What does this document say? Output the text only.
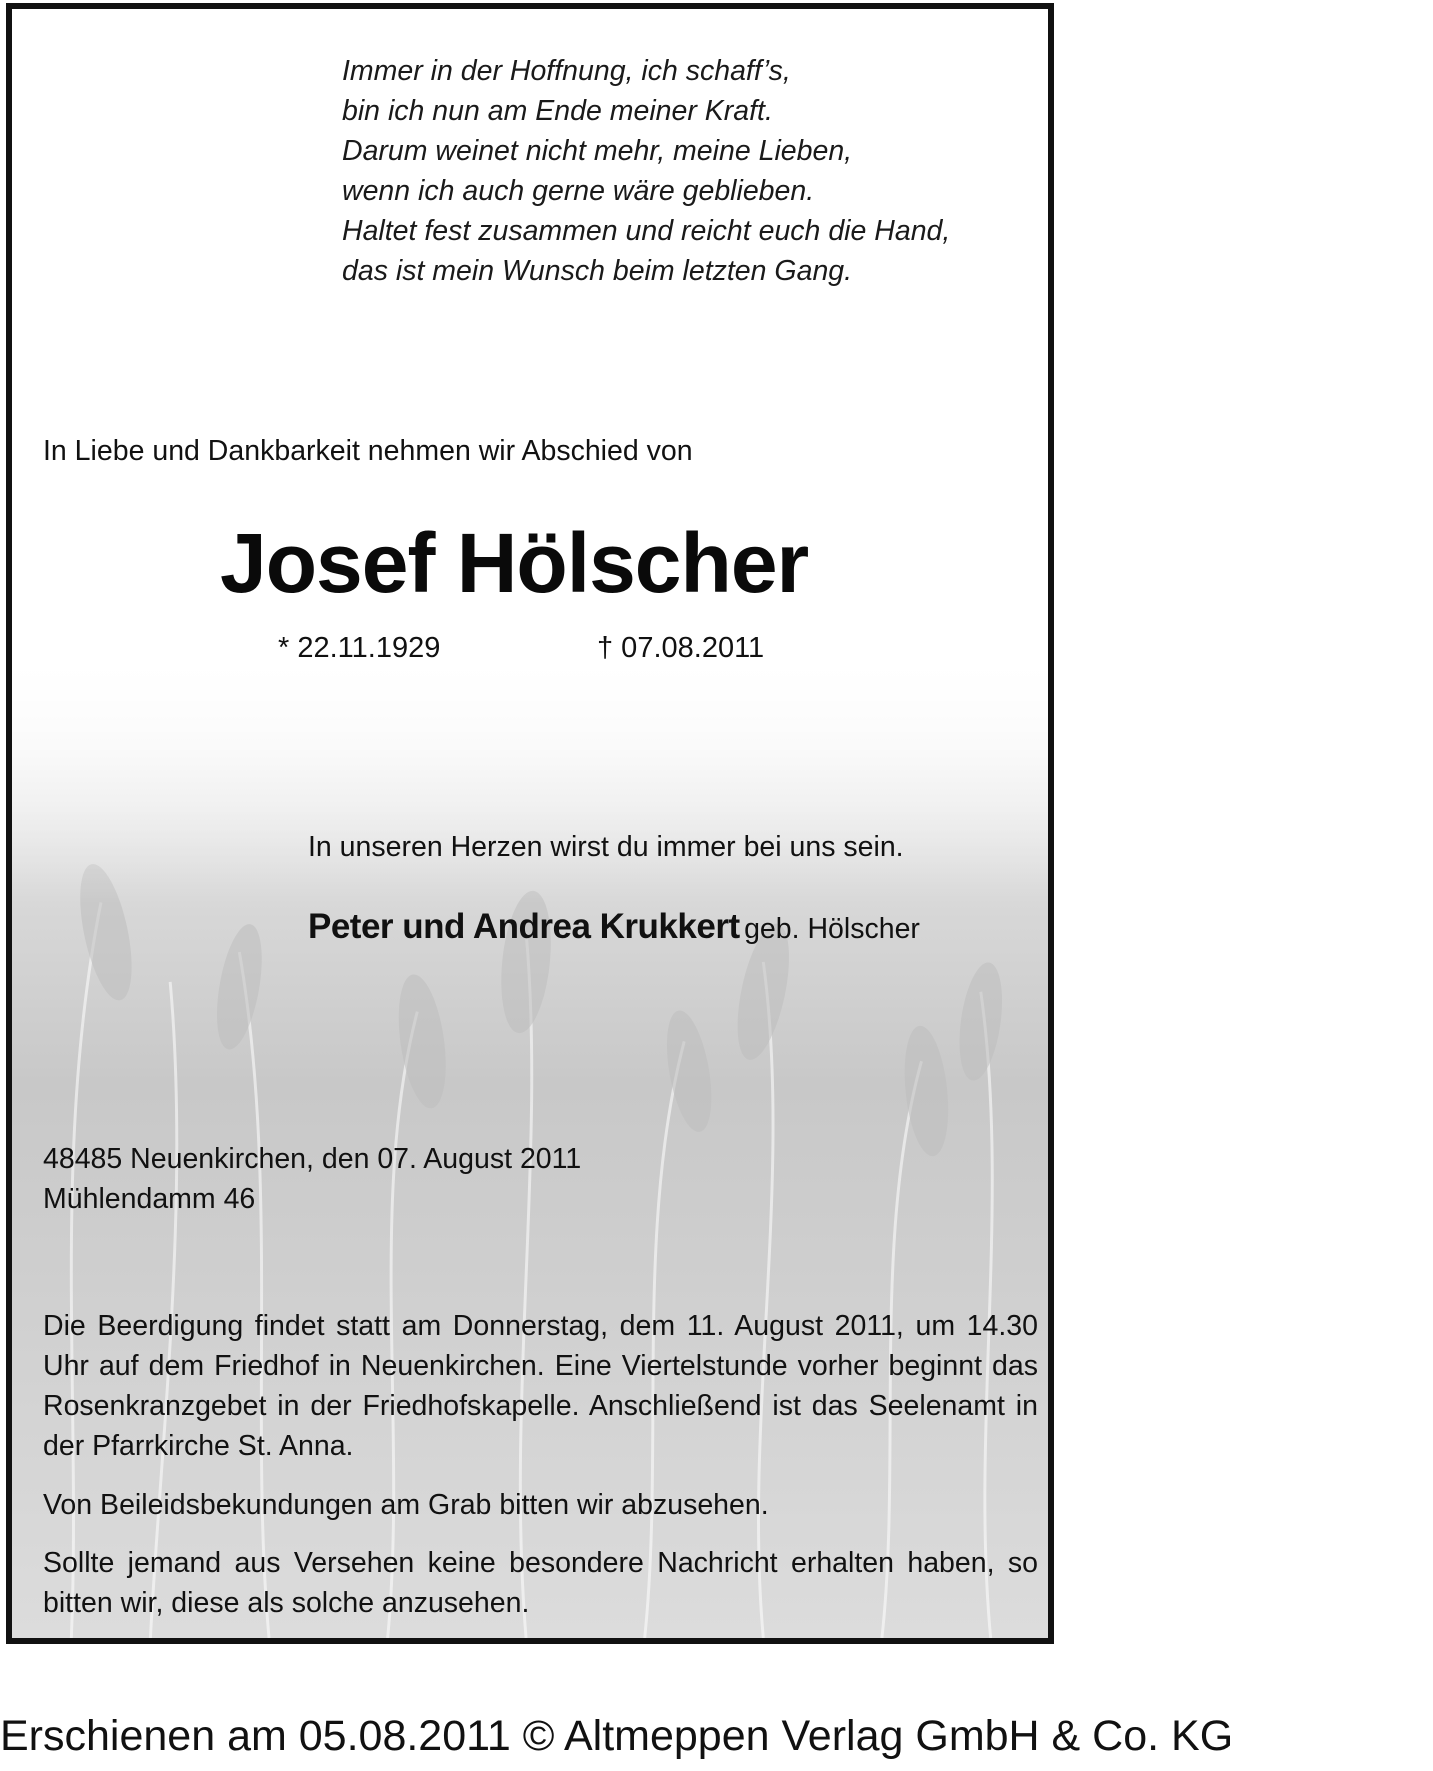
Immer in der Hoffnung, ich schaff’s,
bin ich nun am Ende meiner Kraft.
Darum weinet nicht mehr, meine Lieben,
wenn ich auch gerne wäre geblieben.
Haltet fest zusammen und reicht euch die Hand,
das ist mein Wunsch beim letzten Gang.
In Liebe und Dankbarkeit nehmen wir Abschied von
Josef Hölscher
* 22.11.1929	† 07.08.2011
In unseren Herzen wirst du immer bei uns sein.
Peter und Andrea Krukkert geb. Hölscher
48485 Neuenkirchen, den 07. August 2011
Mühlendamm 46
Die Beerdigung findet statt am Donnerstag, dem 11. August 2011, um 14.30 Uhr auf dem Friedhof in Neuenkirchen. Eine Viertelstunde vorher beginnt das Rosenkranzgebet in der Friedhofskapelle. Anschließend ist das Seelenamt in der Pfarrkirche St. Anna.
Von Beileidsbekundungen am Grab bitten wir abzusehen.
Sollte jemand aus Versehen keine besondere Nachricht erhalten haben, so bitten wir, diese als solche anzusehen.
Erschienen am 05.08.2011 © Altmeppen Verlag GmbH & Co. KG
